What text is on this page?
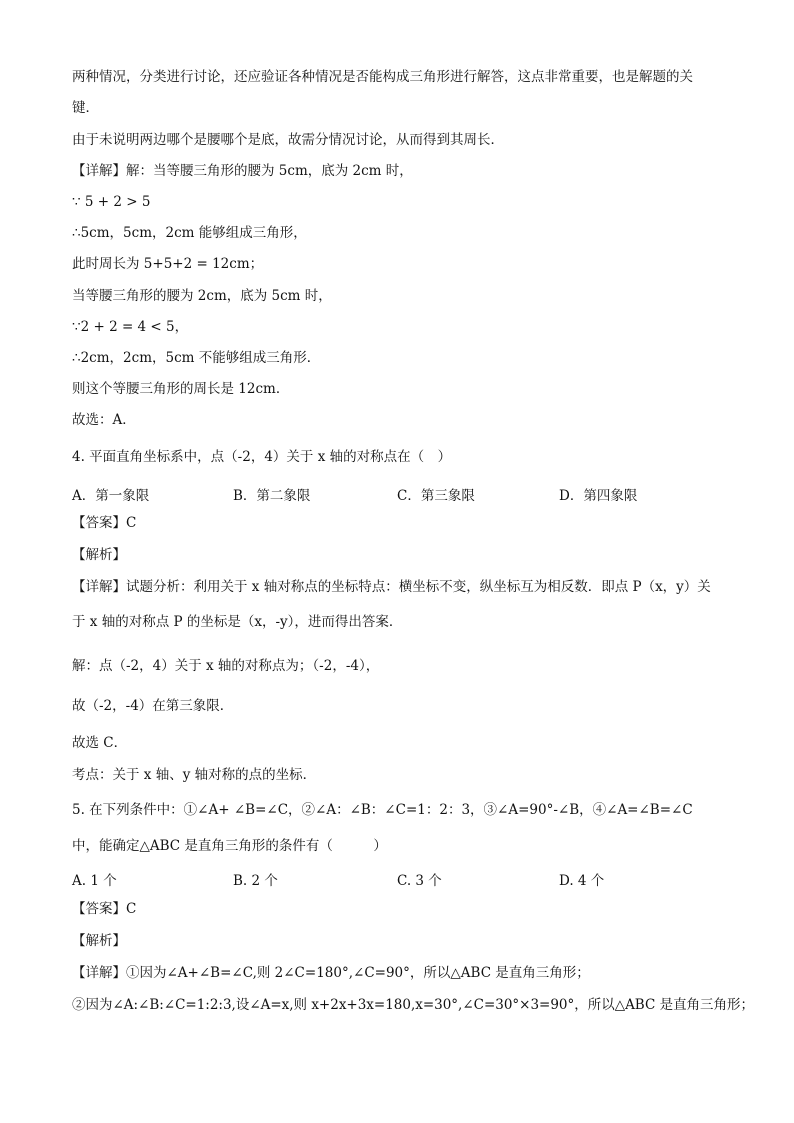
两种情况，分类进行讨论，还应验证各种情况是否能构成三角形进行解答，这点非常重要，也是解题的关
键．
由于未说明两边哪个是腰哪个是底，故需分情况讨论，从而得到其周长．
【详解】解：当等腰三角形的腰为 5cm，底为 2cm 时，
∵ 5 + 2 > 5
∴5cm，5cm，2cm 能够组成三角形，
此时周长为 5+5+2 = 12cm；
当等腰三角形的腰为 2cm，底为 5cm 时，
∵2 + 2 = 4 < 5，
∴2cm，2cm，5cm 不能够组成三角形．
则这个等腰三角形的周长是 12cm．
故选：A．
4. 平面直角坐标系中，点（-2，4）关于 x 轴的对称点在（　）
A．第一象限	B．第二象限	C．第三象限	D．第四象限
【答案】C
【解析】
【详解】试题分析：利用关于 x 轴对称点的坐标特点：横坐标不变，纵坐标互为相反数．即点 P（x，y）关
于 x 轴的对称点 P 的坐标是（x，-y），进而得出答案．
解：点（-2，4）关于 x 轴的对称点为；（-2，-4），
故（-2，-4）在第三象限．
故选 C．
考点：关于 x 轴、y 轴对称的点的坐标．
5. 在下列条件中：①∠A+ ∠B=∠C，②∠A：∠B：∠C=1：2：3，③∠A=90°-∠B，④∠A=∠B=∠C
中，能确定△ABC 是直角三角形的条件有（　　　）
A. 1 个	B. 2 个	C. 3 个	D. 4 个
【答案】C
【解析】
【详解】①因为∠A+∠B=∠C,则 2∠C=180°,∠C=90°，所以△ABC 是直角三角形；
②因为∠A:∠B:∠C=1:2:3,设∠A=x,则 x+2x+3x=180,x=30°,∠C=30°×3=90°，所以△ABC 是直角三角形；
